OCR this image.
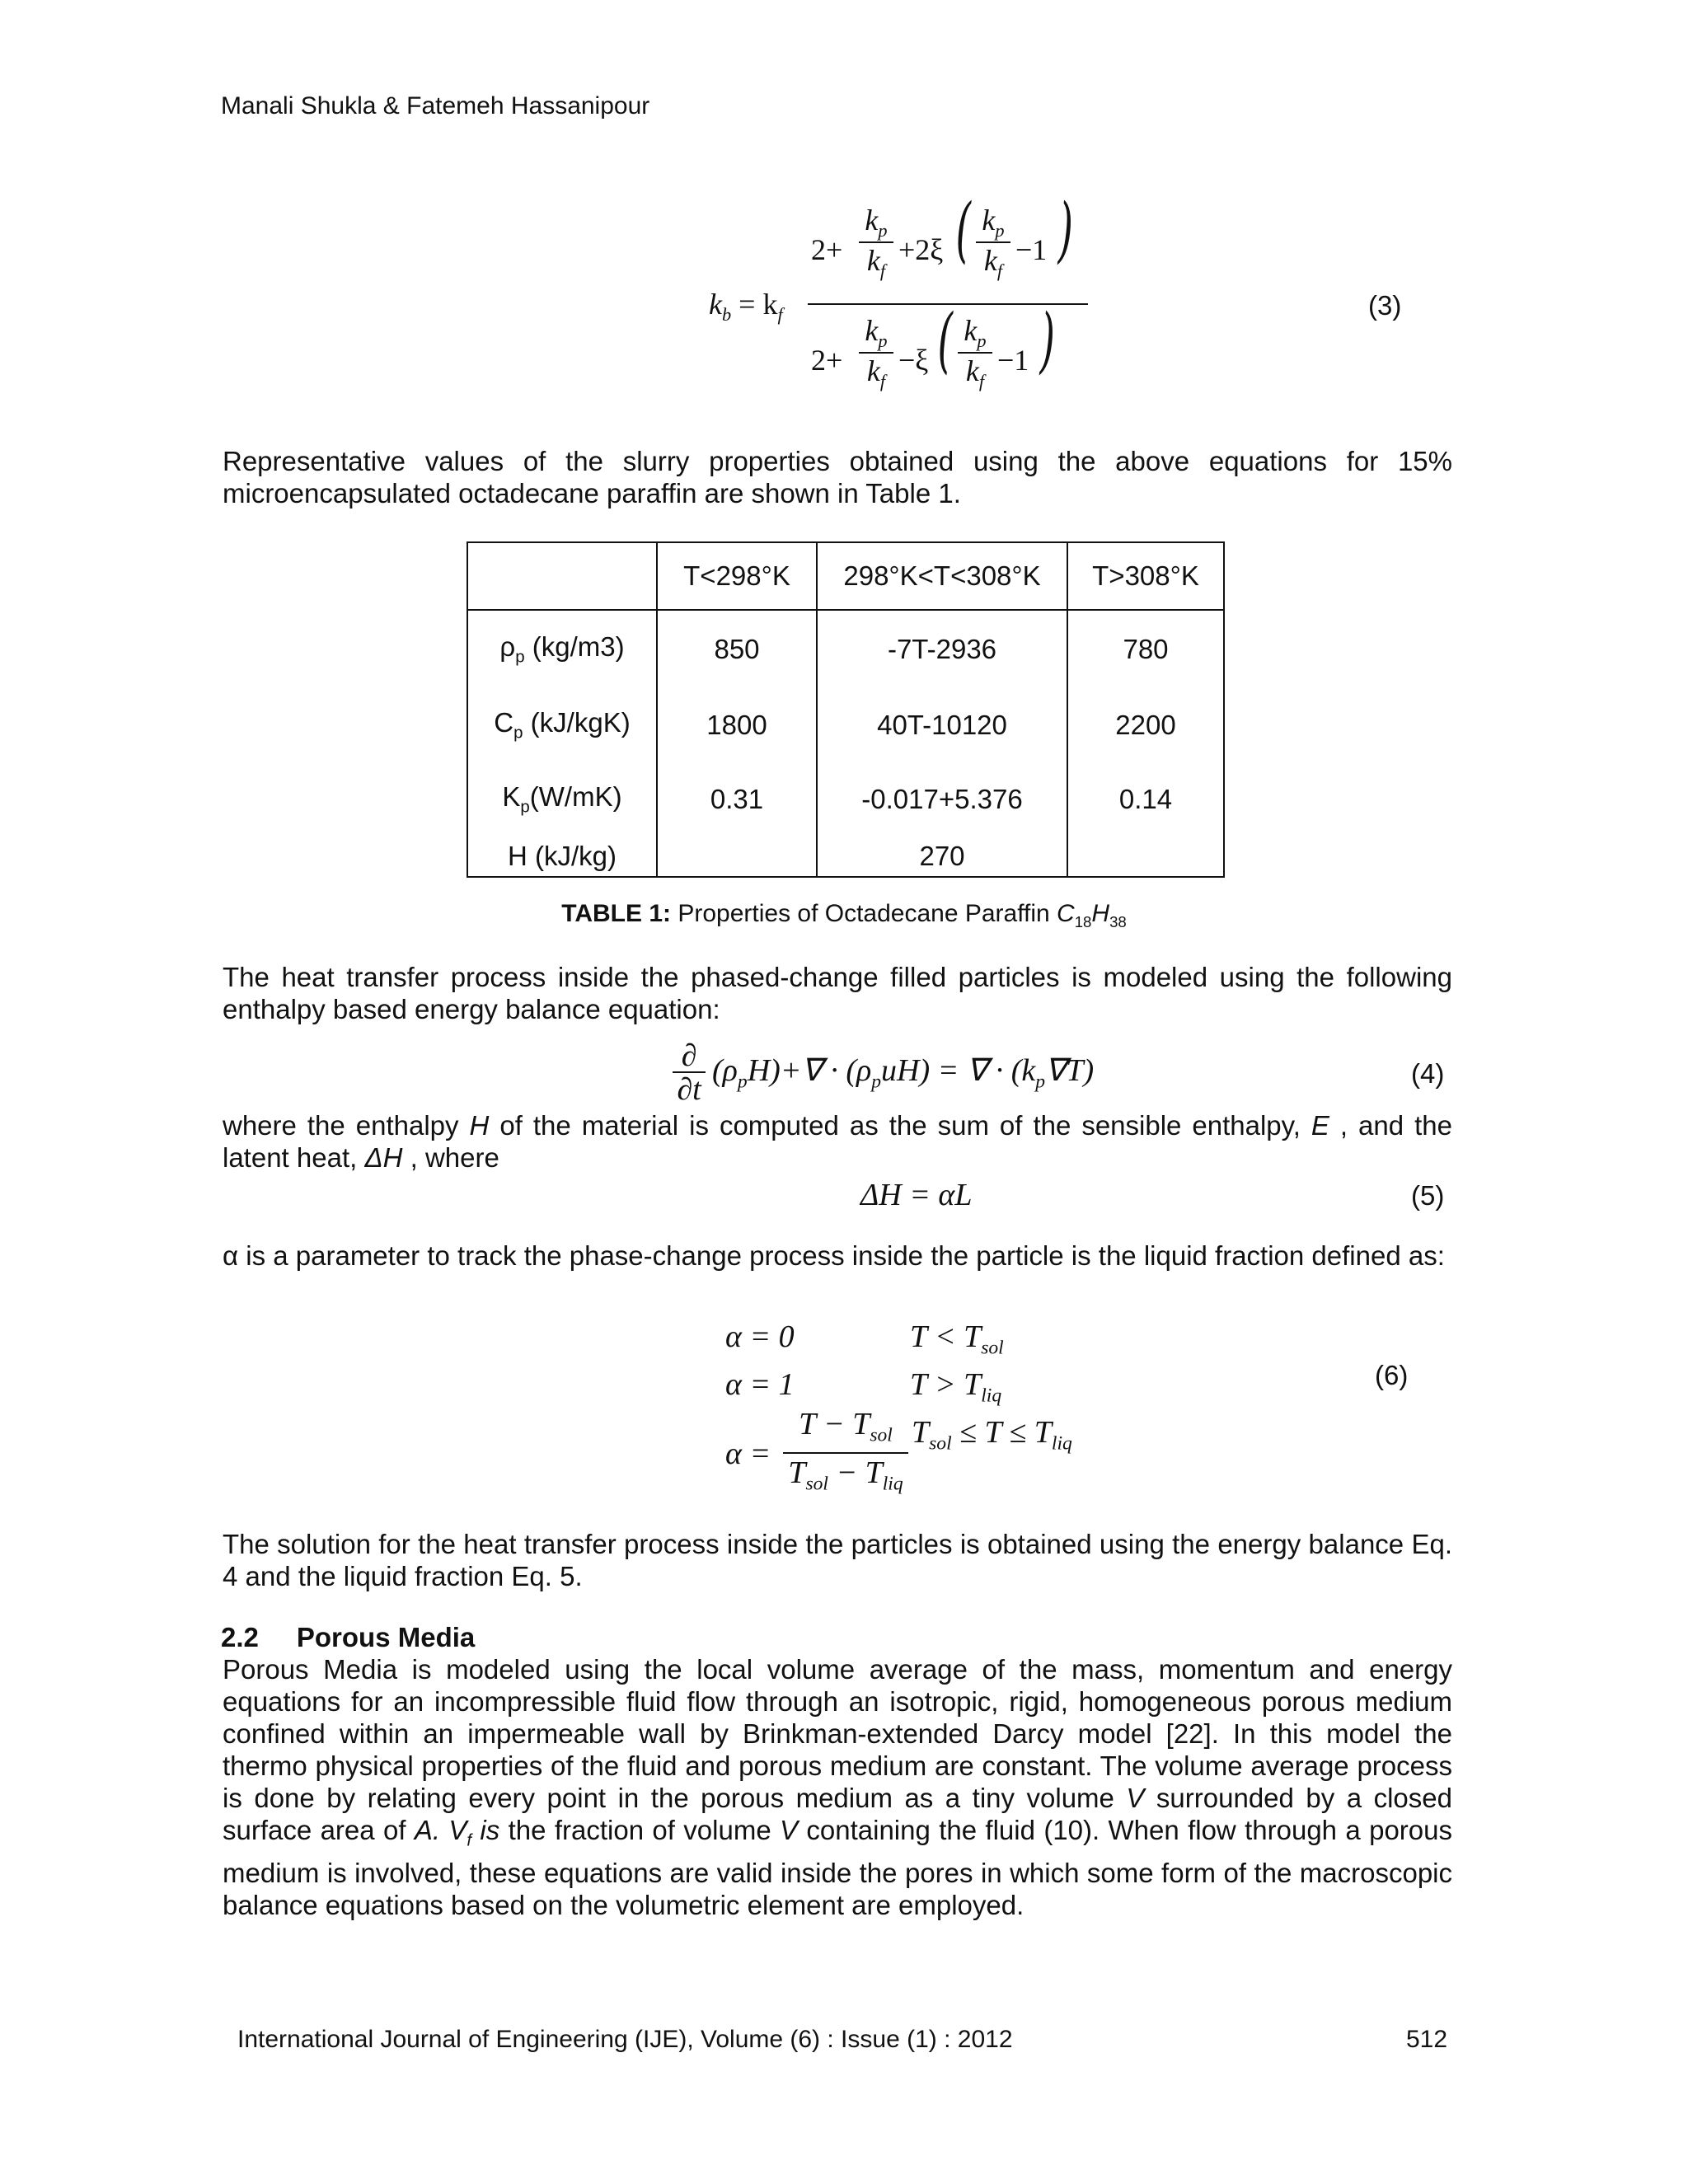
Manali Shukla & Fatemeh Hassanipour
$k_b = k_f$
2+
$k_p$
$k_f$
+2ξ ( $k_p$
$k_f$
−1 )
2+
$k_p$
$k_f$
−ξ ( $k_p$
$k_f$
−1 )	(3)

Representative values of the slurry properties obtained using the above equations for 15% microencapsulated octadecane paraffin are shown in Table 1.

	T<298°K	298°K<T<308°K	T>308°K
$\rho_p$ (kg/m3)	850	-7T-2936	780
$C_p$ (kJ/kgK)	1800	40T-10120	2200
$K_p(W/mK)$	0.31	-0.017+5.376	0.14
H (kJ/kg)		270	
TABLE 1: Properties of Octadecane Paraffin $C_{18}H_{38}$

The heat transfer process inside the phased-change filled particles is modeled using the following enthalpy based energy balance equation:

∂
∂t
$(\rho_pH)+\nabla \cdot (\rho_puH)$ = ∇ · $(k_p\nabla T)$	(4)

where the enthalpy H of the material is computed as the sum of the sensible enthalpy, E , and the latent heat, ΔH , where

ΔH = αL	(5)

α is a parameter to track the phase-change process inside the particle is the liquid fraction defined as:

α = 0	$T < T_{sol}$
α = 1	$T > T_{liq}$
α =
$T - T_{sol}$
$T_{sol} - T_{liq}$
$T_{sol} \le T \le T_{liq}$
(6)

The solution for the heat transfer process inside the particles is obtained using the energy balance Eq. 4 and the liquid fraction Eq. 5.

2.2 Porous Media

Porous Media is modeled using the local volume average of the mass, momentum and energy equations for an incompressible fluid flow through an isotropic, rigid, homogeneous porous medium confined within an impermeable wall by Brinkman-extended Darcy model [22]. In this model the thermo physical properties of the fluid and porous medium are constant. The volume average process is done by relating every point in the porous medium as a tiny volume V surrounded by a closed surface area of A. $V_f$ is the fraction of volume V containing the fluid (10). When flow through a porous medium is involved, these equations are valid inside the pores in which some form of the macroscopic balance equations based on the volumetric element are employed.

International Journal of Engineering (IJE), Volume (6) : Issue (1) : 2012	512
